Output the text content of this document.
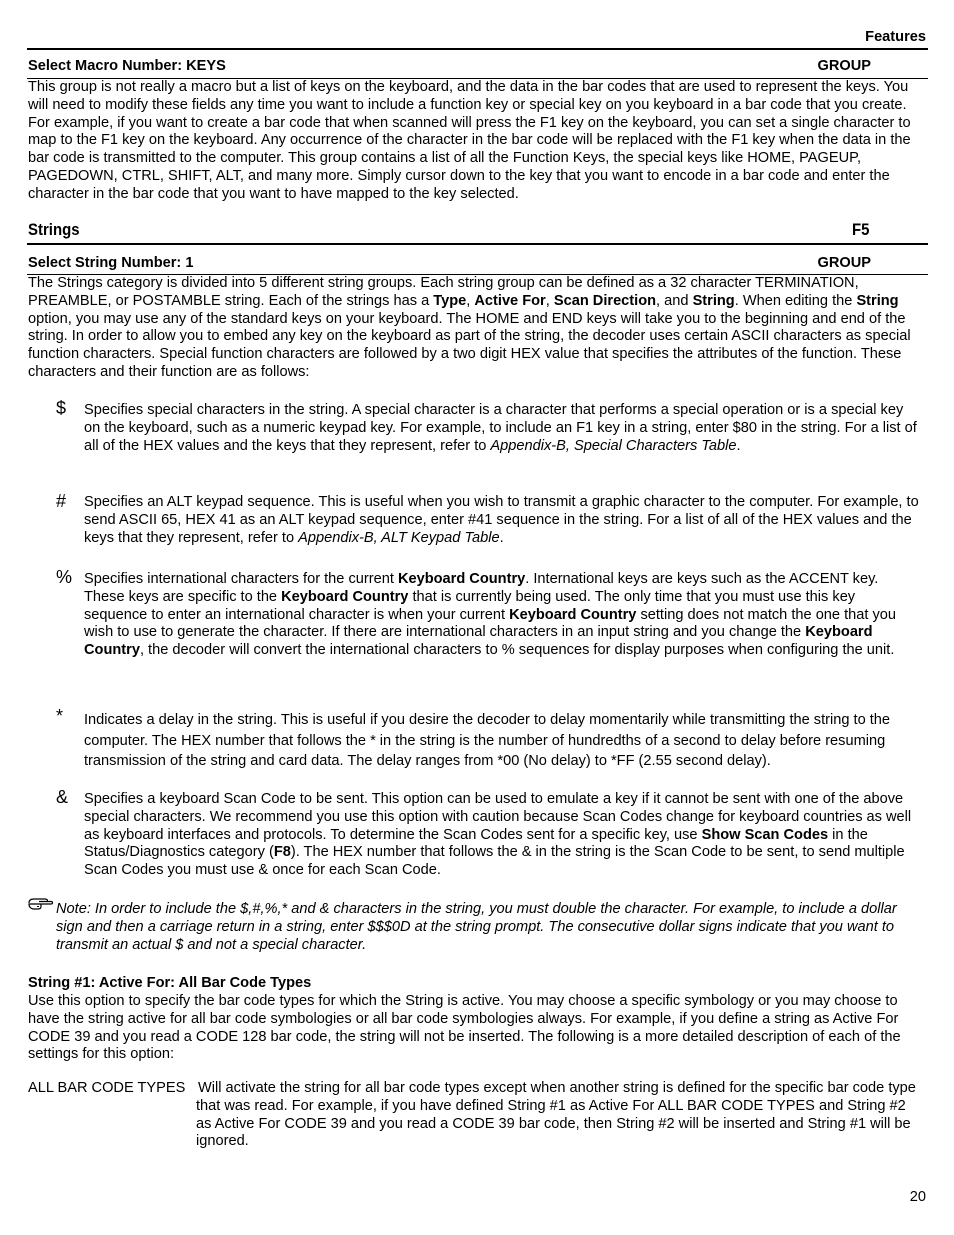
Features
Select Macro Number: KEYS	GROUP

This group is not really a macro but a list of keys on the keyboard, and the data in the bar codes that are used to represent the keys. You will need to modify these fields any time you want to include a function key or special key on you keyboard in a bar code that you create. For example, if you want to create a bar code that when scanned will press the F1 key on the keyboard, you can set a single character to map to the F1 key on the keyboard. Any occurrence of the character in the bar code will be replaced with the F1 key when the data in the bar code is transmitted to the computer. This group contains a list of all the Function Keys, the special keys like HOME, PAGEUP, PAGEDOWN, CTRL, SHIFT, ALT, and many more. Simply cursor down to the key that you want to encode in a bar code and enter the character in the bar code that you want to have mapped to the key selected.

Strings	F5
Select String Number: 1	GROUP

The Strings category is divided into 5 different string groups. Each string group can be defined as a 32 character TERMINATION, PREAMBLE, or POSTAMBLE string. Each of the strings has a Type, Active For, Scan Direction, and String. When editing the String option, you may use any of the standard keys on your keyboard. The HOME and END keys will take you to the beginning and end of the string. In order to allow you to embed any key on the keyboard as part of the string, the decoder uses certain ASCII characters as special function characters. Special function characters are followed by a two digit HEX value that specifies the attributes of the function. These characters and their function are as follows:

$ Specifies special characters in the string. A special character is a character that performs a special operation or is a special key on the keyboard, such as a numeric keypad key. For example, to include an F1 key in a string, enter $80 in the string. For a list of all of the HEX values and the keys that they represent, refer to Appendix-B, Special Characters Table.

# Specifies an ALT keypad sequence. This is useful when you wish to transmit a graphic character to the computer. For example, to send ASCII 65, HEX 41 as an ALT keypad sequence, enter #41 sequence in the string. For a list of all of the HEX values and the keys that they represent, refer to Appendix-B, ALT Keypad Table.

% Specifies international characters for the current Keyboard Country. International keys are keys such as the ACCENT key. These keys are specific to the Keyboard Country that is currently being used. The only time that you must use this key sequence to enter an international character is when your current Keyboard Country setting does not match the one that you wish to use to generate the character. If there are international characters in an input string and you change the Keyboard Country, the decoder will convert the international characters to % sequences for display purposes when configuring the unit.

* Indicates a delay in the string. This is useful if you desire the decoder to delay momentarily while transmitting the string to the computer. The HEX number that follows the * in the string is the number of hundredths of a second to delay before resuming transmission of the string and card data. The delay ranges from *00 (No delay) to *FF (2.55 second delay).

& Specifies a keyboard Scan Code to be sent. This option can be used to emulate a key if it cannot be sent with one of the above special characters. We recommend you use this option with caution because Scan Codes change for keyboard countries as well as keyboard interfaces and protocols. To determine the Scan Codes sent for a specific key, use Show Scan Codes in the Status/Diagnostics category (F8). The HEX number that follows the & in the string is the Scan Code to be sent, to send multiple Scan Codes you must use & once for each Scan Code.

Note: In order to include the $,#,%,* and & characters in the string, you must double the character. For example, to include a dollar sign and then a carriage return in a string, enter $$$0D at the string prompt. The consecutive dollar signs indicate that you want to transmit an actual $ and not a special character.

String #1: Active For: All Bar Code Types

Use this option to specify the bar code types for which the String is active. You may choose a specific symbology or you may choose to have the string active for all bar code symbologies or all bar code symbologies always. For example, if you define a string as Active For CODE 39 and you read a CODE 128 bar code, the string will not be inserted. The following is a more detailed description of each of the settings for this option:

ALL BAR CODE TYPES Will activate the string for all bar code types except when another string is defined for the specific bar code type that was read. For example, if you have defined String #1 as Active For ALL BAR CODE TYPES and String #2 as Active For CODE 39 and you read a CODE 39 bar code, then String #2 will be inserted and String #1 will be ignored.

20
